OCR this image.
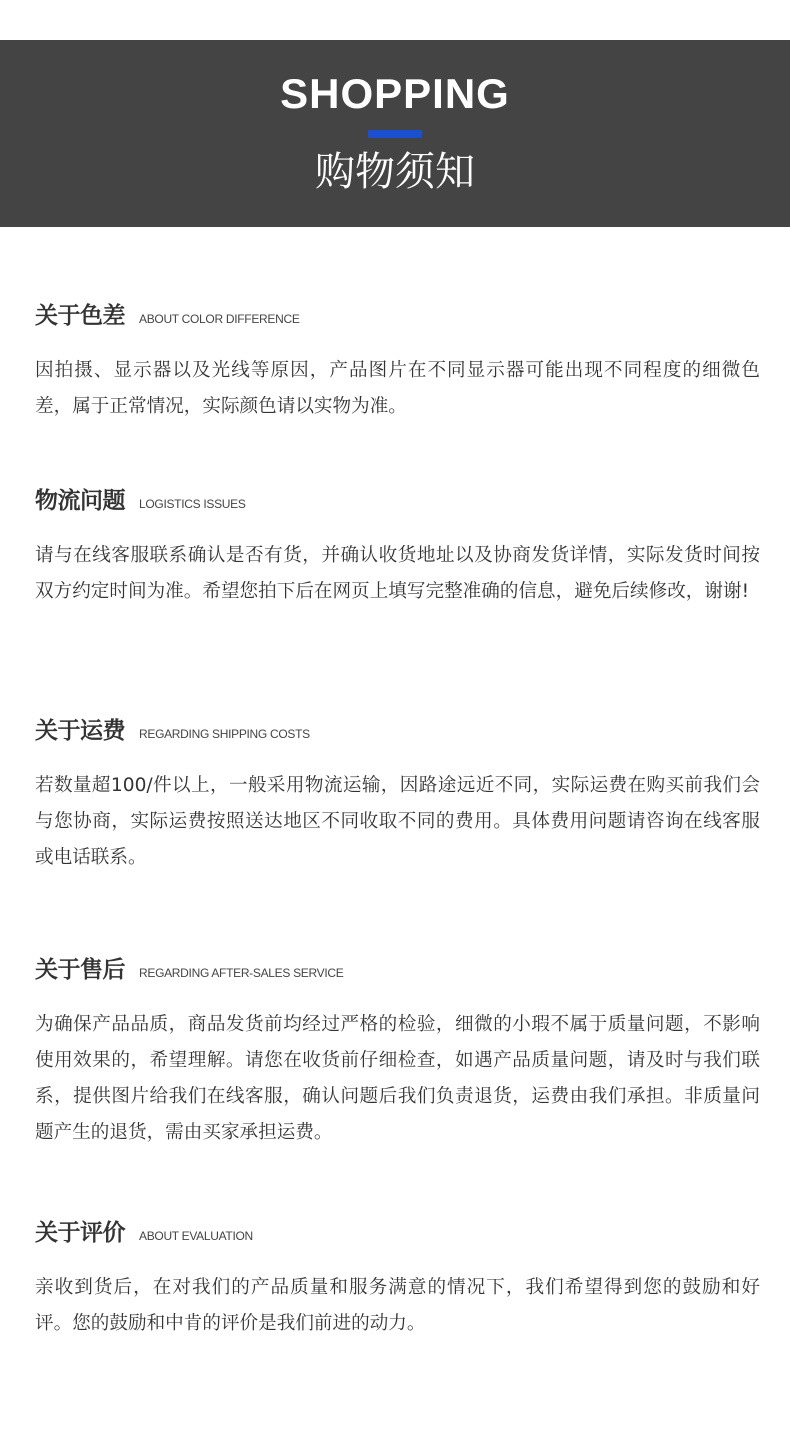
SHOPPING
购物须知
关于色差 ABOUT COLOR DIFFERENCE

因拍摄、显示器以及光线等原因，产品图片在不同显示器可能出现不同程度的细微色差，属于正常情况，实际颜色请以实物为准。

物流问题 LOGISTICS ISSUES

请与在线客服联系确认是否有货，并确认收货地址以及协商发货详情，实际发货时间按双方约定时间为准。希望您拍下后在网页上填写完整准确的信息，避免后续修改，谢谢!

关于运费 REGARDING SHIPPING COSTS

若数量超100/件以上，一般采用物流运输，因路途远近不同，实际运费在购买前我们会与您协商，实际运费按照送达地区不同收取不同的费用。具体费用问题请咨询在线客服或电话联系。

关于售后 REGARDING AFTER-SALES SERVICE

为确保产品品质，商品发货前均经过严格的检验，细微的小瑕不属于质量问题，不影响使用效果的，希望理解。请您在收货前仔细检查，如遇产品质量问题，请及时与我们联系，提供图片给我们在线客服，确认问题后我们负责退货，运费由我们承担。非质量问题产生的退货，需由买家承担运费。

关于评价 ABOUT EVALUATION

亲收到货后，在对我们的产品质量和服务满意的情况下，我们希望得到您的鼓励和好评。您的鼓励和中肯的评价是我们前进的动力。
